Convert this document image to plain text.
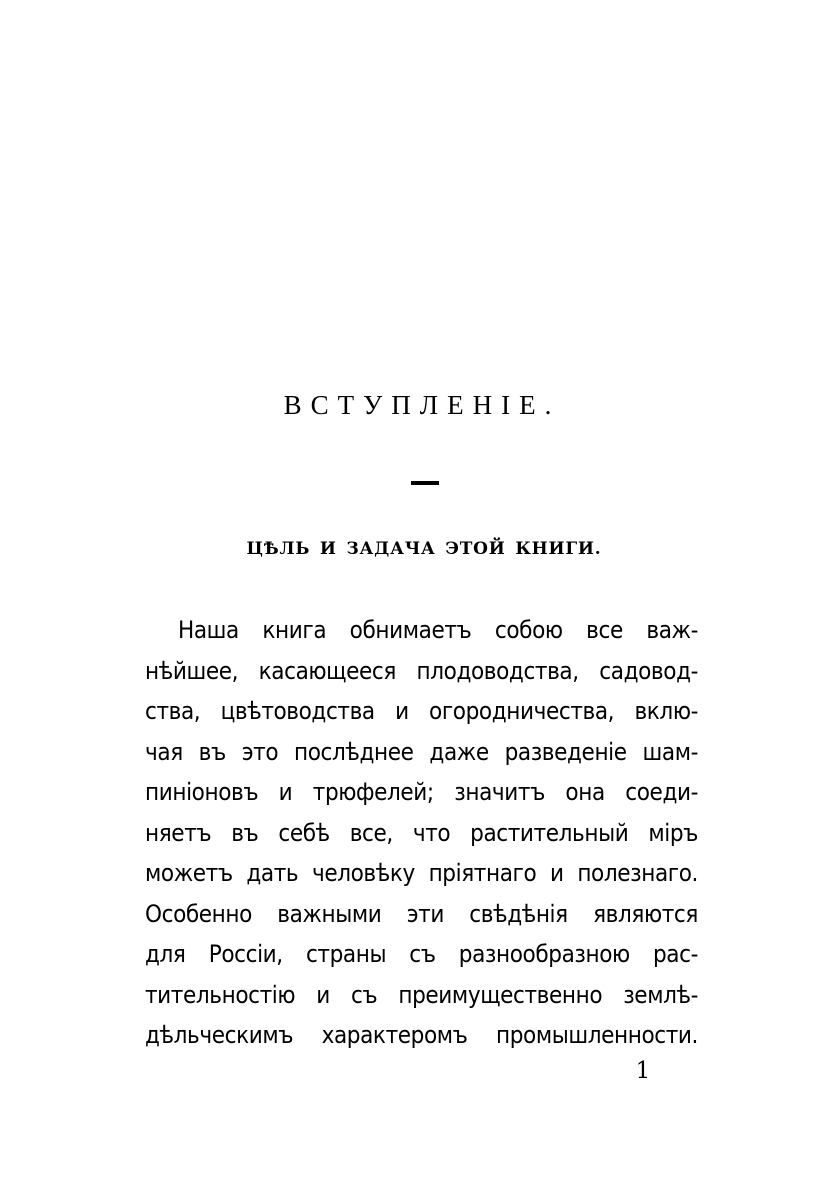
ВСТУПЛЕНІЕ.
ЦѢЛЬ И ЗАДАЧА ЭТОЙ КНИГИ.
Наша книга обнимаетъ собою все важ-
нѣйшее, касающееся плодоводства, садовод-
ства, цвѣтоводства и огородничества, вклю-
чая въ это послѣднее даже разведеніе шам-
пиніоновъ и трюфелей; значитъ она соеди-
няетъ въ себѣ все, что растительный міръ
можетъ дать человѣку пріятнаго и полезнаго.
Особенно важными эти свѣдѣнія являются
для Россіи, страны съ разнообразною рас-
тительностію и съ преимущественно землѣ-
дѣльческимъ характеромъ промышленности.
1
